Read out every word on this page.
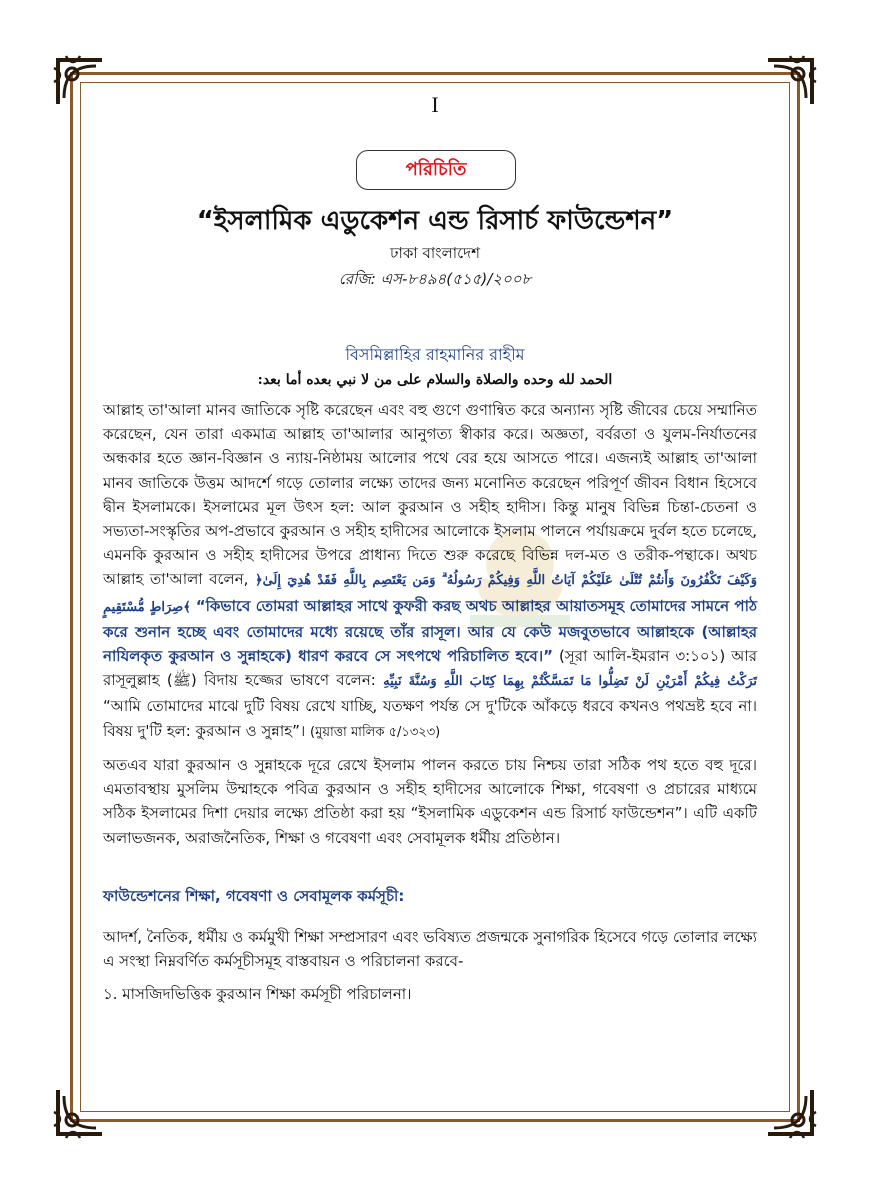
I
পরিচিতি
“ইসলামিক এডুকেশন এন্ড রিসার্চ ফাউন্ডেশন”
ঢাকা বাংলাদেশ
রেজি: এস-৮৪৯৪(৫১৫)/২০০৮
বিসমিল্লাহির রাহমানির রাহীম
الحمد لله وحده والصلاة والسلام على من لا نبي بعده أما بعد:
আল্লাহ তা'আলা মানব জাতিকে সৃষ্টি করেছেন এবং বহু গুণে গুণান্বিত করে অন্যান্য সৃষ্টি জীবের চেয়ে সম্মানিত করেছেন, যেন তারা একমাত্র আল্লাহ তা'আলার আনুগত্য স্বীকার করে। অজ্ঞতা, বর্বরতা ও যুলম-নির্যাতনের অন্ধকার হতে জ্ঞান-বিজ্ঞান ও ন্যায়-নিষ্ঠাময় আলোর পথে বের হয়ে আসতে পারে। এজন্যই আল্লাহ তা'আলা মানব জাতিকে উত্তম আদর্শে গড়ে তোলার লক্ষ্যে তাদের জন্য মনোনিত করেছেন পরিপূর্ণ জীবন বিধান হিসেবে দ্বীন ইসলামকে। ইসলামের মূল উৎস হল: আল কুরআন ও সহীহ হাদীস। কিন্তু মানুষ বিভিন্ন চিন্তা-চেতনা ও সভ্যতা-সংস্কৃতির অপ-প্রভাবে কুরআন ও সহীহ হাদীসের আলোকে ইসলাম পালনে পর্যায়ক্রমে দুর্বল হতে চলেছে, এমনকি কুরআন ও সহীহ হাদীসের উপরে প্রাধান্য দিতে শুরু করেছে বিভিন্ন দল-মত ও তরীক-পন্থাকে। অথচ আল্লাহ তা'আলা বলেন, ﴿وَكَيْفَ تَكْفُرُونَ وَأَنتُمْ تُتْلَىٰ عَلَيْكُمْ آيَاتُ اللَّهِ وَفِيكُمْ رَسُولُهُ ۗ وَمَن يَعْتَصِم بِاللَّهِ فَقَدْ هُدِيَ إِلَىٰ صِرَاطٍ مُّسْتَقِيمٍ﴾ “কিভাবে তোমরা আল্লাহর সাথে কুফরী করছ অথচ আল্লাহর আয়াতসমূহ তোমাদের সামনে পাঠ করে শুনান হচ্ছে এবং তোমাদের মধ্যে রয়েছে তাঁর রাসূল। আর যে কেউ মজবুতভাবে আল্লাহকে (আল্লাহর নাযিলকৃত কুরআন ও সুন্নাহকে) ধারণ করবে সে সৎপথে পরিচালিত হবে।” (সূরা আলি-ইমরান ৩:১০১) আর রাসূলুল্লাহ (ﷺ) বিদায় হজ্জের ভাষণে বলেন: تَرَكْتُ فِيكُمْ أَمْرَيْنِ لَنْ تَضِلُّوا مَا تَمَسَّكْتُمْ بِهِمَا كِتَابَ اللَّهِ وَسُنَّةَ نَبِيِّهِ “আমি তোমাদের মাঝে দুটি বিষয় রেখে যাচ্ছি, যতক্ষণ পর্যন্ত সে দু'টিকে আঁকড়ে ধরবে কখনও পথভ্রষ্ট হবে না। বিষয় দু'টি হল: কুরআন ও সুন্নাহ”। (মুয়াত্তা মালিক ৫/১৩২৩)
অতএব যারা কুরআন ও সুন্নাহকে দূরে রেখে ইসলাম পালন করতে চায় নিশ্চয় তারা সঠিক পথ হতে বহু দূরে। এমতাবস্থায় মুসলিম উম্মাহকে পবিত্র কুরআন ও সহীহ হাদীসের আলোকে শিক্ষা, গবেষণা ও প্রচারের মাধ্যমে সঠিক ইসলামের দিশা দেয়ার লক্ষ্যে প্রতিষ্ঠা করা হয় “ইসলামিক এডুকেশন এন্ড রিসার্চ ফাউন্ডেশন”। এটি একটি অলাভজনক, অরাজনৈতিক, শিক্ষা ও গবেষণা এবং সেবামূলক ধর্মীয় প্রতিষ্ঠান।
ফাউন্ডেশনের শিক্ষা, গবেষণা ও সেবামূলক কর্মসূচী:
আদর্শ, নৈতিক, ধর্মীয় ও কর্মমুখী শিক্ষা সম্প্রসারণ এবং ভবিষ্যত প্রজন্মকে সুনাগরিক হিসেবে গড়ে তোলার লক্ষ্যে এ সংস্থা নিম্নবর্ণিত কর্মসূচীসমূহ বাস্তবায়ন ও পরিচালনা করবে-
১. মাসজিদভিত্তিক কুরআন শিক্ষা কর্মসূচী পরিচালনা।
